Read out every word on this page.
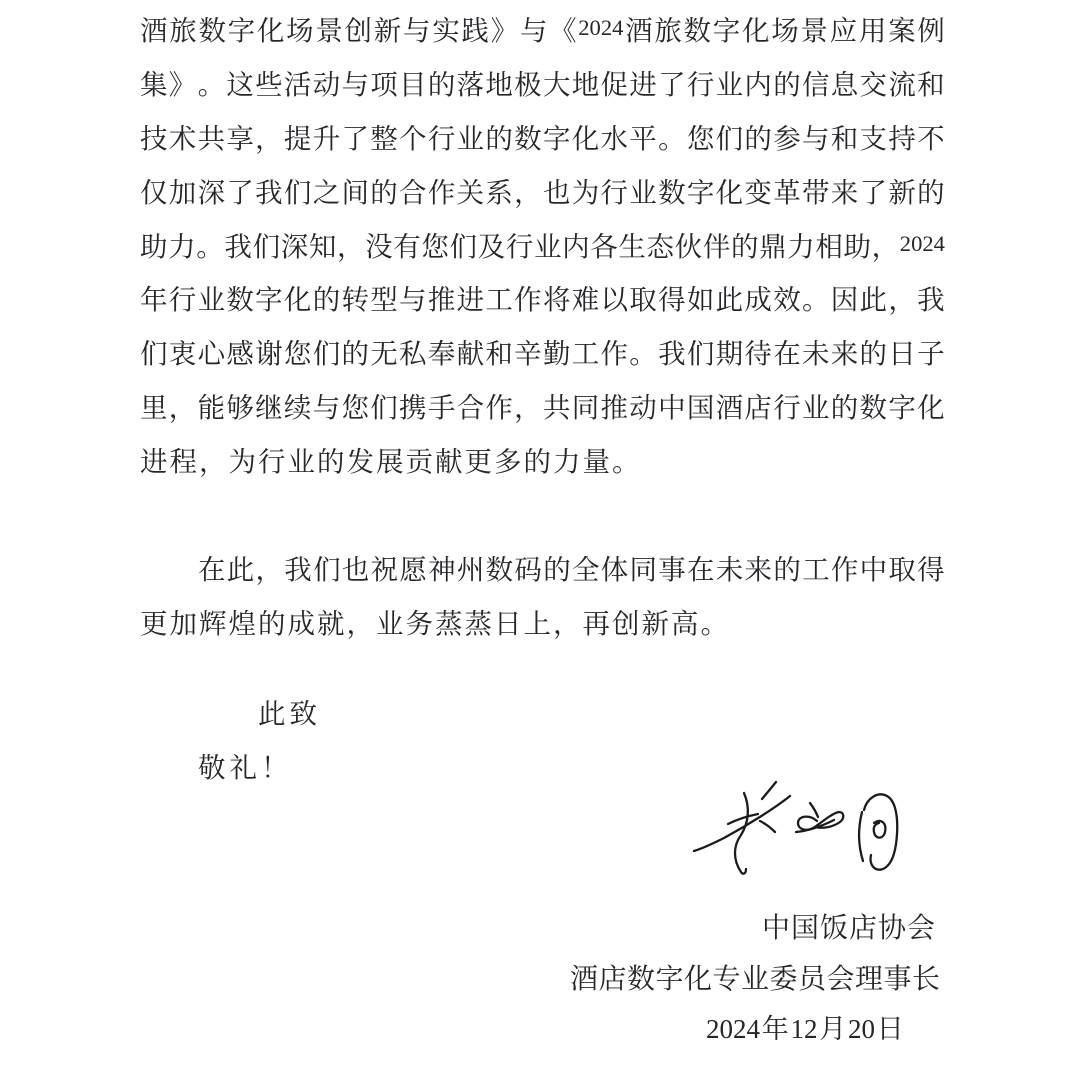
酒 旅 数 字 化 场 景 创 新 与 实 践 》 与 《 2024 酒 旅 数 字 化 场 景 应 用 案 例
集 》 。 这 些 活 动 与 项 目 的 落 地 极 大 地 促 进 了 行 业 内 的 信 息 交 流 和
技 术 共 享 ， 提 升 了 整 个 行 业 的 数 字 化 水 平 。 您 们 的 参 与 和 支 持 不
仅 加 深 了 我 们 之 间 的 合 作 关 系 ， 也 为 行 业 数 字 化 变 革 带 来 了 新 的
助 力 。 我 们 深 知 ， 没 有 您 们 及 行 业 内 各 生 态 伙 伴 的 鼎 力 相 助 ， 2024
年 行 业 数 字 化 的 转 型 与 推 进 工 作 将 难 以 取 得 如 此 成 效 。 因 此 ， 我
们 衷 心 感 谢 您 们 的 无 私 奉 献 和 辛 勤 工 作 。 我 们 期 待 在 未 来 的 日 子
里 ， 能 够 继 续 与 您 们 携 手 合 作 ， 共 同 推 动 中 国 酒 店 行 业 的 数 字 化
进程，为行业的发展贡献更多的力量。
在 此 ， 我 们 也 祝 愿 神 州 数 码 的 全 体 同 事 在 未 来 的 工 作 中 取 得
更加辉煌的成就，业务蒸蒸日上，再创新高。
此致
敬礼！
中国饭店协会
酒店数字化专业委员会理事长
2024 年 12 月 20 日
